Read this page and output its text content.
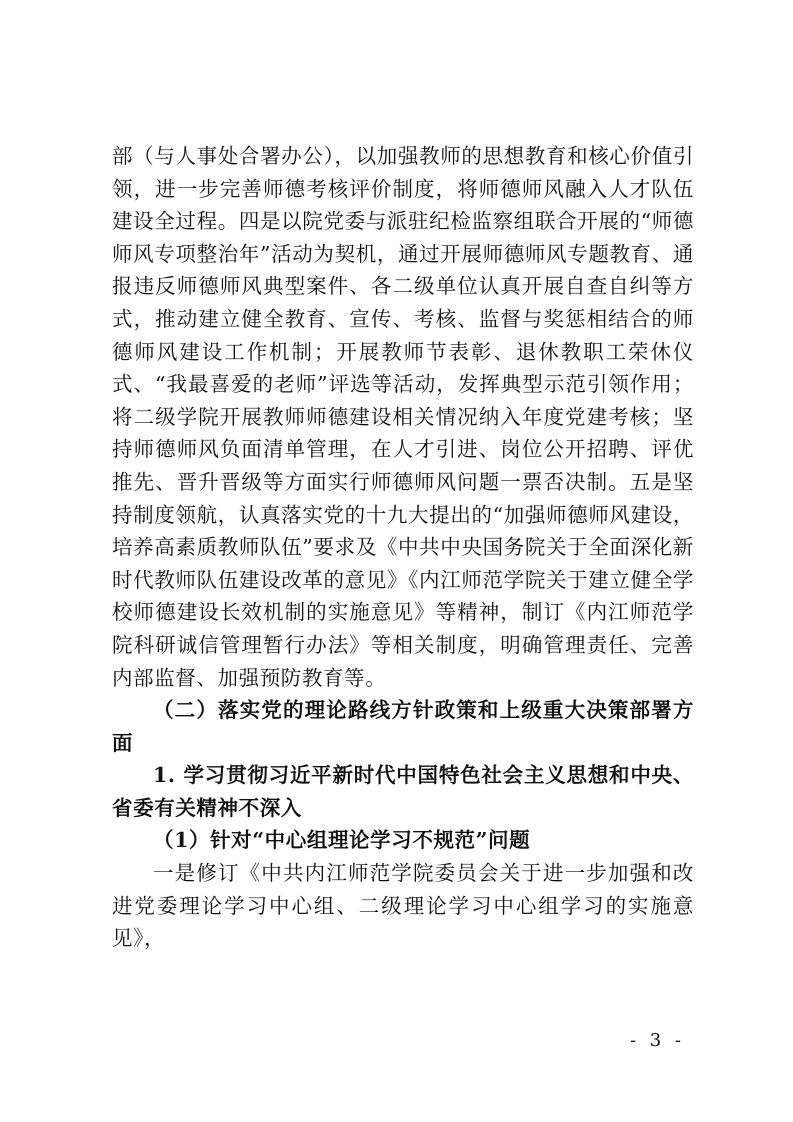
部（与人事处合署办公），以加强教师的思想教育和核心价值引领，进一步完善师德考核评价制度，将师德师风融入人才队伍建设全过程。四是以院党委与派驻纪检监察组联合开展的“师德师风专项整治年”活动为契机，通过开展师德师风专题教育、通报违反师德师风典型案件、各二级单位认真开展自查自纠等方式，推动建立健全教育、宣传、考核、监督与奖惩相结合的师德师风建设工作机制；开展教师节表彰、退休教职工荣休仪式、“我最喜爱的老师”评选等活动，发挥典型示范引领作用；将二级学院开展教师师德建设相关情况纳入年度党建考核；坚持师德师风负面清单管理，在人才引进、岗位公开招聘、评优推先、晋升晋级等方面实行师德师风问题一票否决制。五是坚持制度领航，认真落实党的十九大提出的“加强师德师风建设，培养高素质教师队伍”要求及《中共中央国务院关于全面深化新时代教师队伍建设改革的意见》《内江师范学院关于建立健全学校师德建设长效机制的实施意见》等精神，制订《内江师范学院科研诚信管理暂行办法》等相关制度，明确管理责任、完善内部监督、加强预防教育等。

（二）落实党的理论路线方针政策和上级重大决策部署方面

1. 学习贯彻习近平新时代中国特色社会主义思想和中央、省委有关精神不深入

（1）针对“中心组理论学习不规范”问题

一是修订《中共内江师范学院委员会关于进一步加强和改进党委理论学习中心组、二级理论学习中心组学习的实施意见》，

- 3 -
